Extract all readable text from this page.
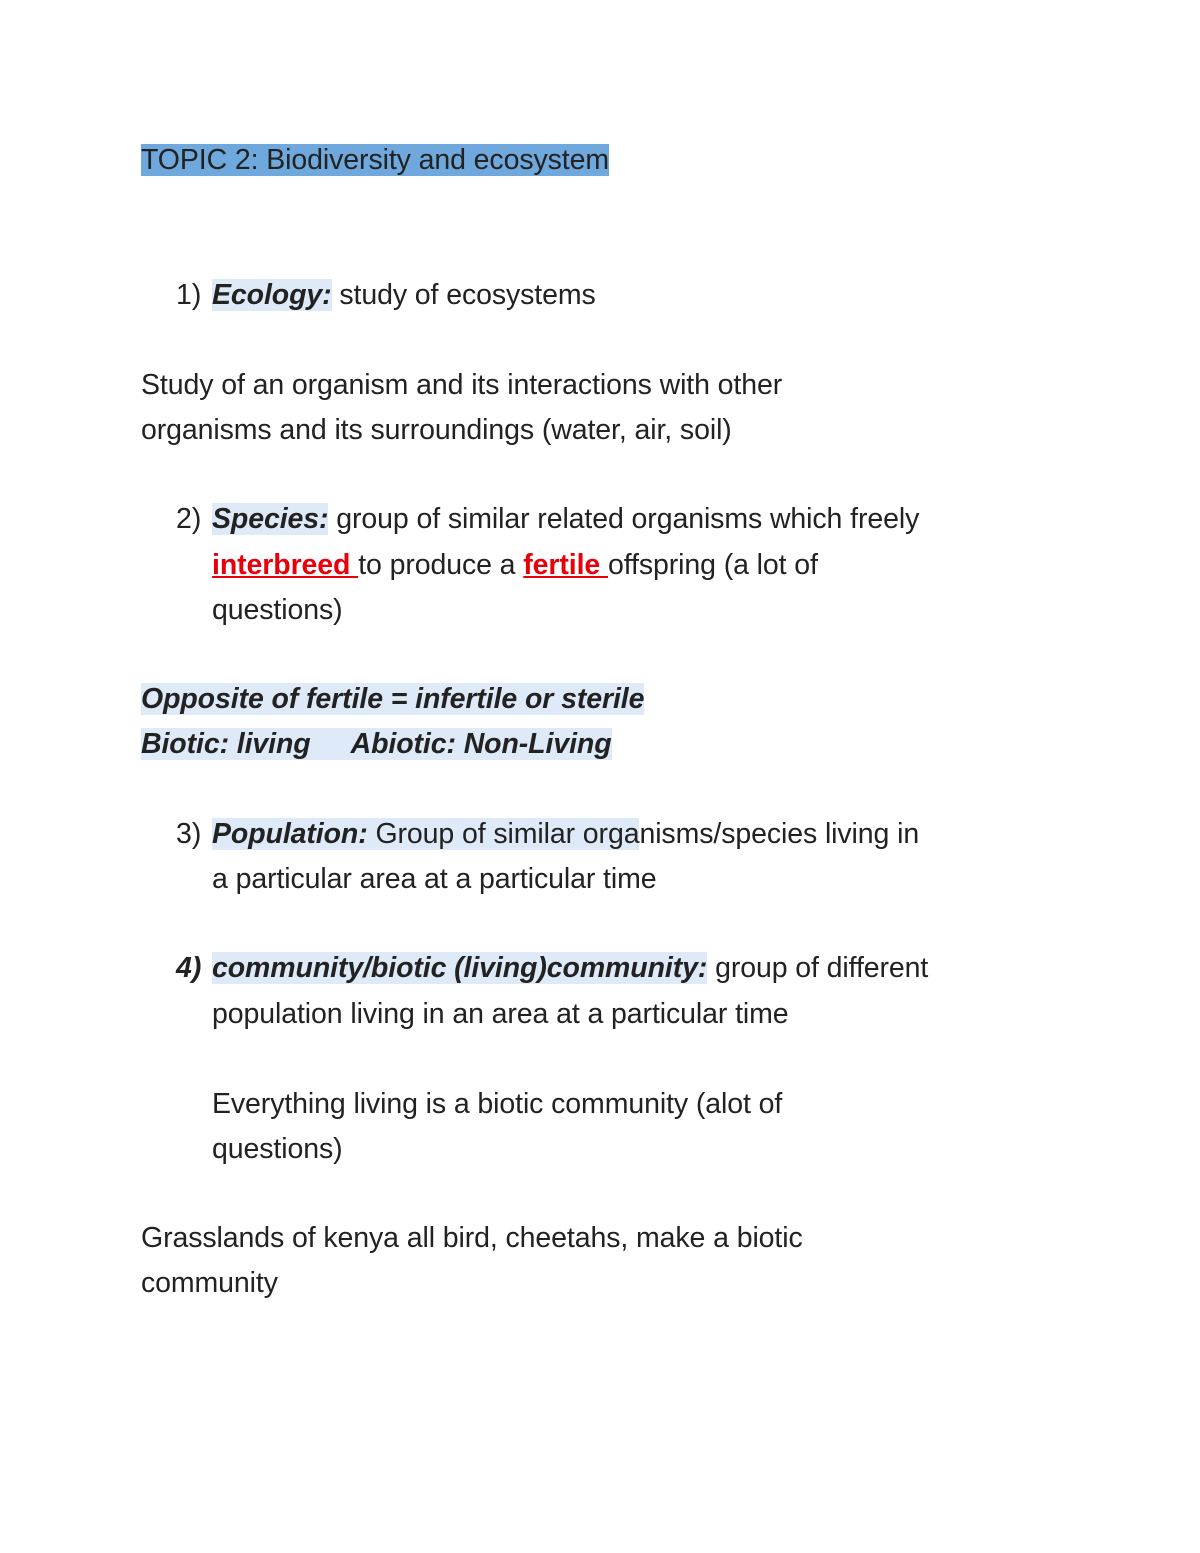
TOPIC 2: Biodiversity and ecosystem
1) Ecology: study of ecosystems
Study of an organism and its interactions with other
organisms and its surroundings (water, air, soil)
2) Species: group of similar related organisms which freely
interbreed to produce a fertile offspring (a lot of
questions)
Opposite of fertile = infertile or sterile
Biotic: living Abiotic: Non-Living
3) Population: Group of similar organisms/species living in
a particular area at a particular time
4) community/biotic (living)community: group of different
population living in an area at a particular time
Everything living is a biotic community (alot of
questions)
Grasslands of kenya all bird, cheetahs, make a biotic
community
